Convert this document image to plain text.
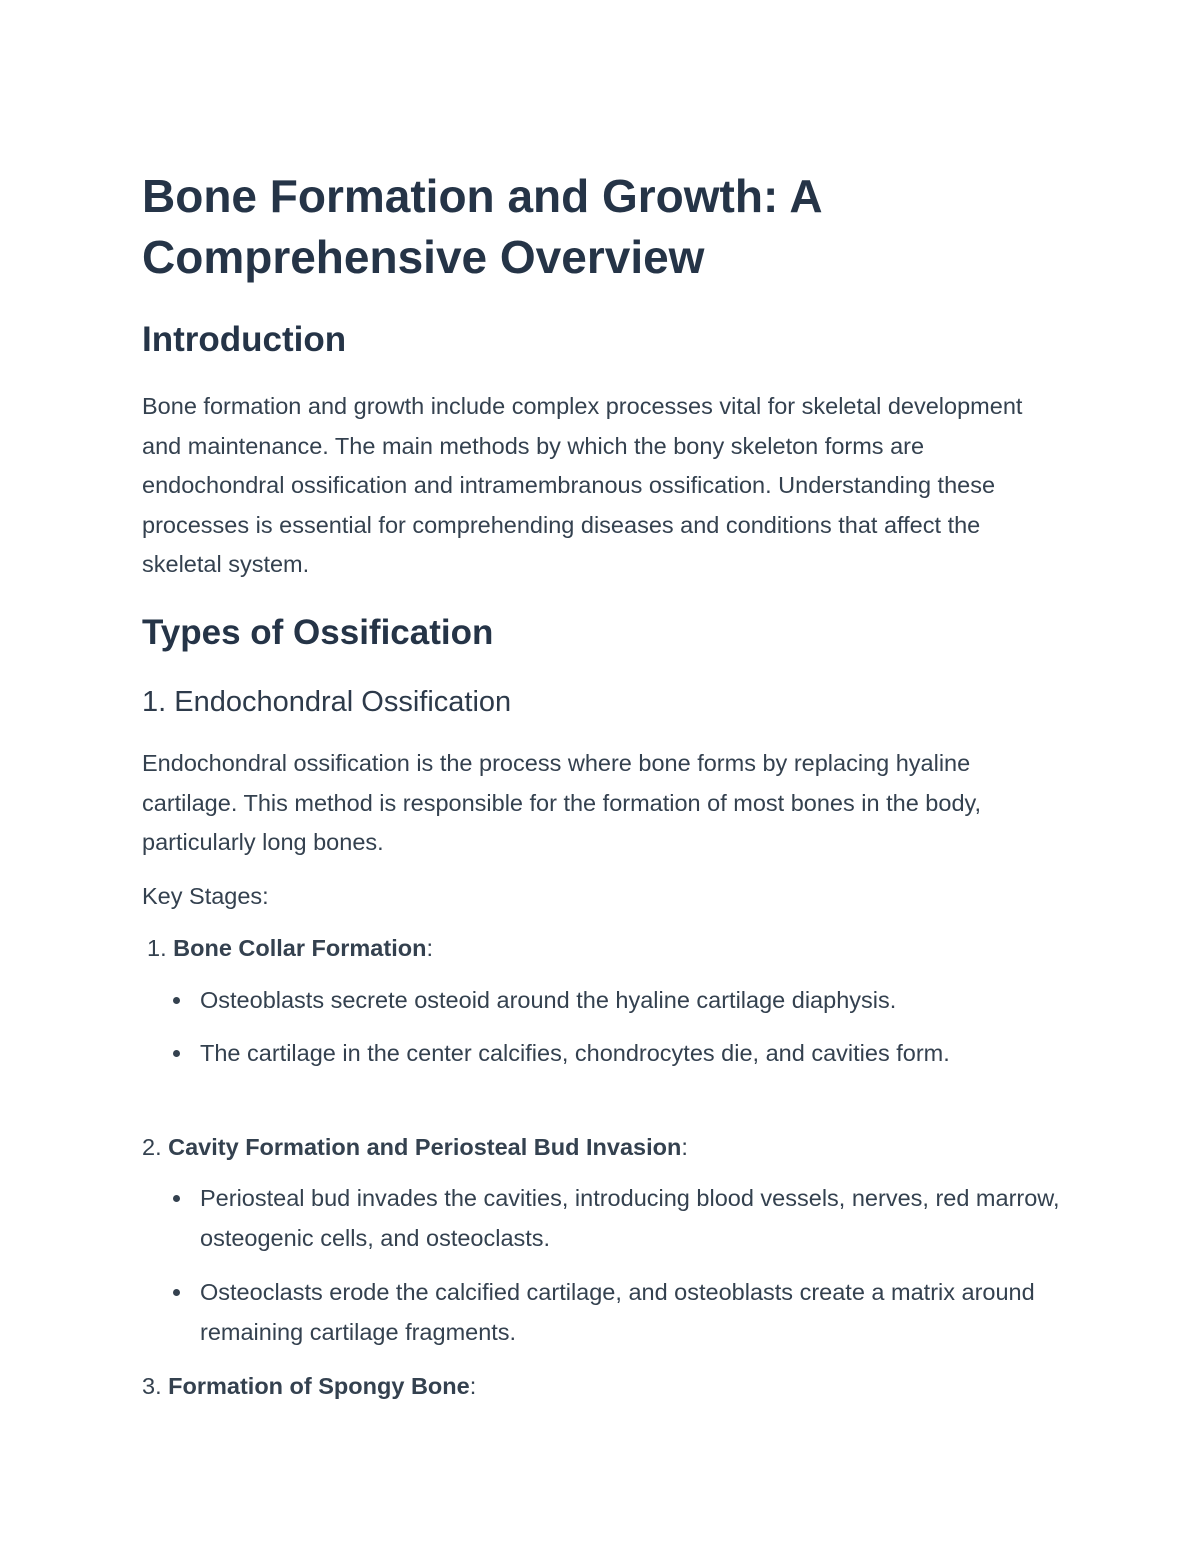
Bone Formation and Growth: A Comprehensive Overview
Introduction

Bone formation and growth include complex processes vital for skeletal development and maintenance. The main methods by which the bony skeleton forms are endochondral ossification and intramembranous ossification. Understanding these processes is essential for comprehending diseases and conditions that affect the skeletal system.

Types of Ossification
1. Endochondral Ossification

Endochondral ossification is the process where bone forms by replacing hyaline cartilage. This method is responsible for the formation of most bones in the body, particularly long bones.

Key Stages:

1. Bone Collar Formation:

Osteoblasts secrete osteoid around the hyaline cartilage diaphysis.

The cartilage in the center calcifies, chondrocytes die, and cavities form.

2. Cavity Formation and Periosteal Bud Invasion:

Periosteal bud invades the cavities, introducing blood vessels, nerves, red marrow, osteogenic cells, and osteoclasts.

Osteoclasts erode the calcified cartilage, and osteoblasts create a matrix around remaining cartilage fragments.

3. Formation of Spongy Bone:
